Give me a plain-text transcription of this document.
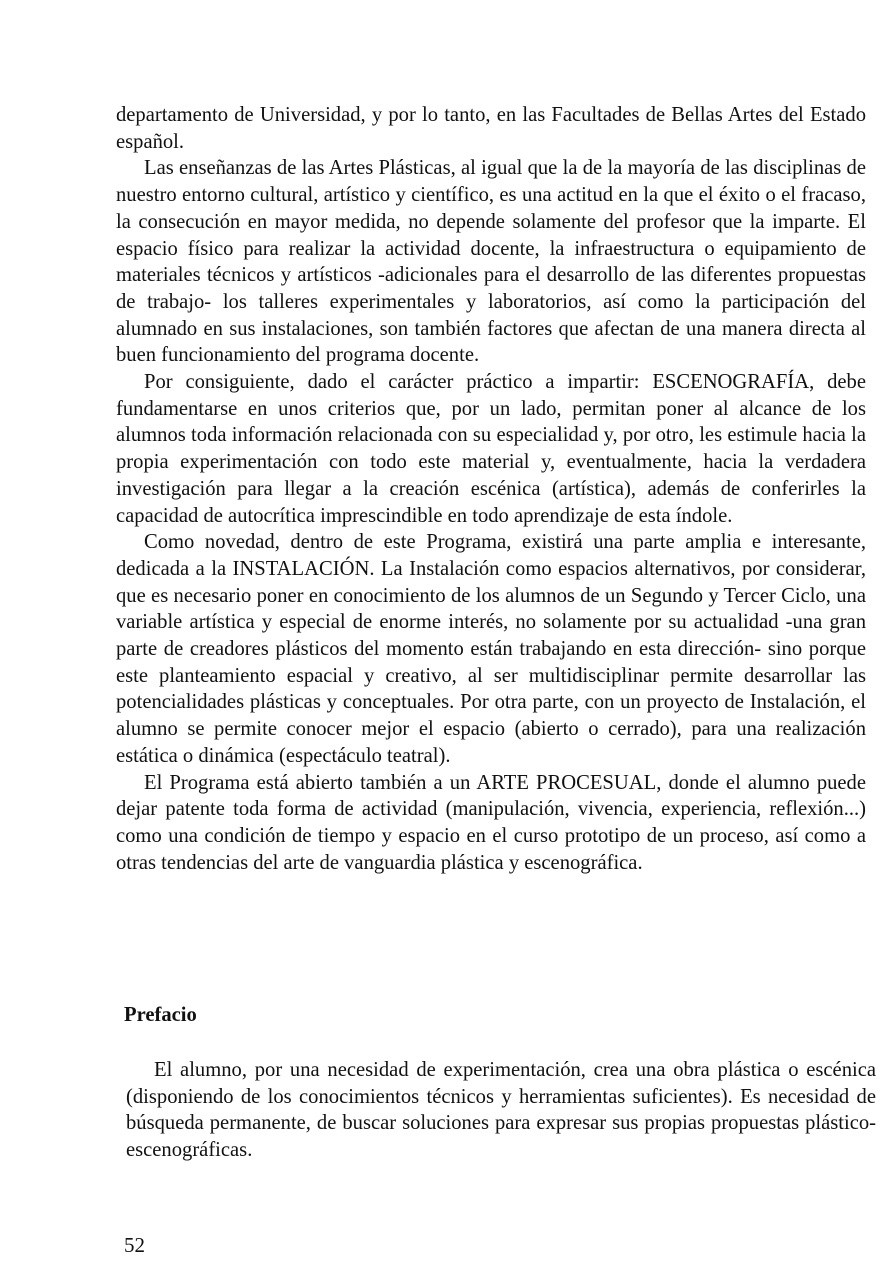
departamento de Universidad, y por lo tanto, en las Facultades de Bellas Artes del Estado español.

Las enseñanzas de las Artes Plásticas, al igual que la de la mayoría de las disciplinas de nuestro entorno cultural, artístico y científico, es una actitud en la que el éxito o el fracaso, la consecución en mayor medida, no depende solamente del profesor que la imparte. El espacio físico para realizar la actividad docente, la infraestructura o equipamiento de materiales técnicos y artísticos -adicionales para el desarrollo de las diferentes propuestas de trabajo- los talleres experimentales y laboratorios, así como la participación del alumnado en sus instalaciones, son también factores que afectan de una manera directa al buen funcionamiento del programa docente.

Por consiguiente, dado el carácter práctico a impartir: ESCENOGRAFÍA, debe fundamentarse en unos criterios que, por un lado, permitan poner al alcance de los alumnos toda información relacionada con su especialidad y, por otro, les estimule hacia la propia experimentación con todo este material y, eventualmente, hacia la verdadera investigación para llegar a la creación escénica (artística), además de conferirles la capacidad de autocrítica imprescindible en todo aprendizaje de esta índole.

Como novedad, dentro de este Programa, existirá una parte amplia e interesante, dedicada a la INSTALACIÓN. La Instalación como espacios alternativos, por considerar, que es necesario poner en conocimiento de los alumnos de un Segundo y Tercer Ciclo, una variable artística y especial de enorme interés, no solamente por su actualidad -una gran parte de creadores plásticos del momento están trabajando en esta dirección- sino porque este planteamiento espacial y creativo, al ser multidisciplinar permite desarrollar las potencialidades plásticas y conceptuales. Por otra parte, con un proyecto de Instalación, el alumno se permite conocer mejor el espacio (abierto o cerrado), para una realización estática o dinámica (espectáculo teatral).

El Programa está abierto también a un ARTE PROCESUAL, donde el alumno puede dejar patente toda forma de actividad (manipulación, vivencia, experiencia, reflexión...) como una condición de tiempo y espacio en el curso prototipo de un proceso, así como a otras tendencias del arte de vanguardia plástica y escenográfica.

Prefacio

El alumno, por una necesidad de experimentación, crea una obra plástica o escénica (disponiendo de los conocimientos técnicos y herramientas suficientes). Es necesidad de búsqueda permanente, de buscar soluciones para expresar sus propias propuestas plástico-escenográficas.

52
